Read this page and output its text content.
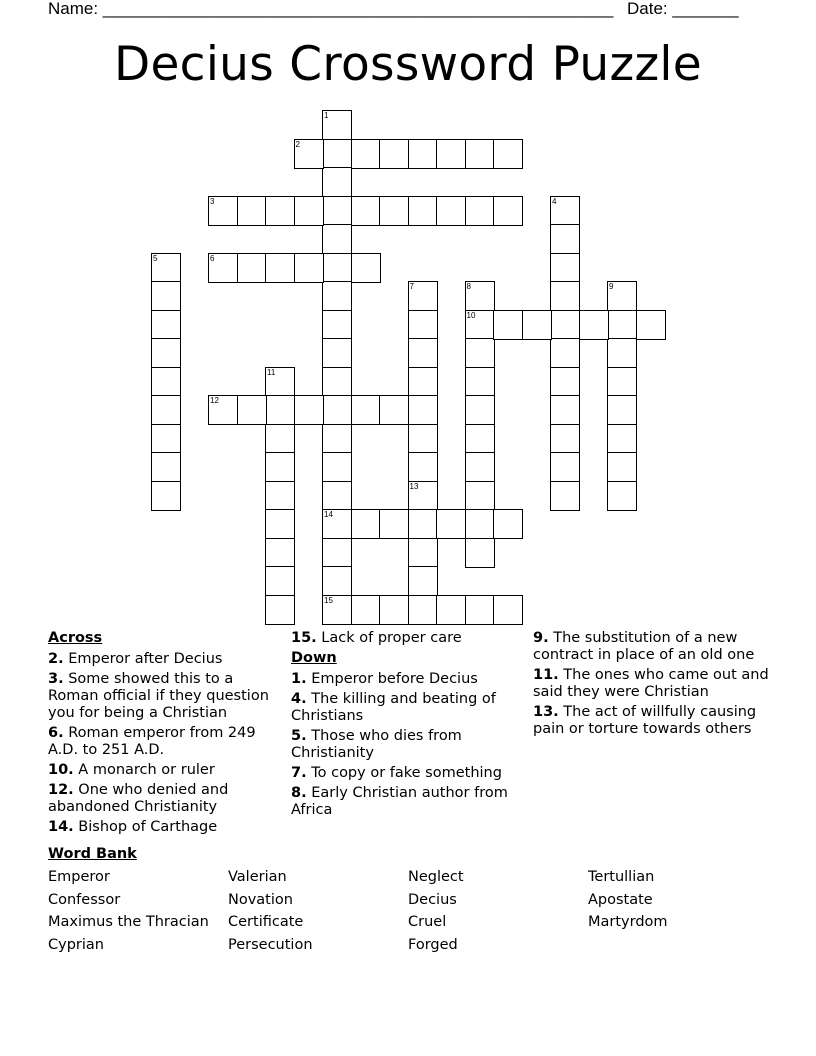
Name: ______________________________________________________ Date: _______
Decius Crossword Puzzle
1
14
15
2
3	4
5	6
7	8
10
9
11
12
13
Across
2. Emperor after Decius
3. Some showed this to a Roman official if they question you for being a Christian
6. Roman emperor from 249 A.D. to 251 A.D.
10. A monarch or ruler
12. One who denied and abandoned Christianity
14. Bishop of Carthage
15. Lack of proper care
Down
1. Emperor before Decius
4. The killing and beating of Christians
5. Those who dies from Christianity
7. To copy or fake something
8. Early Christian author from Africa
9. The substitution of a new contract in place of an old one
11. The ones who came out and said they were Christian
13. The act of willfully causing pain or torture towards others
Word Bank
Emperor	Valerian	Neglect	Tertullian
Confessor	Novation	Decius	Apostate
Maximus the Thracian	Certificate	Cruel	Martyrdom
Cyprian	Persecution	Forged
